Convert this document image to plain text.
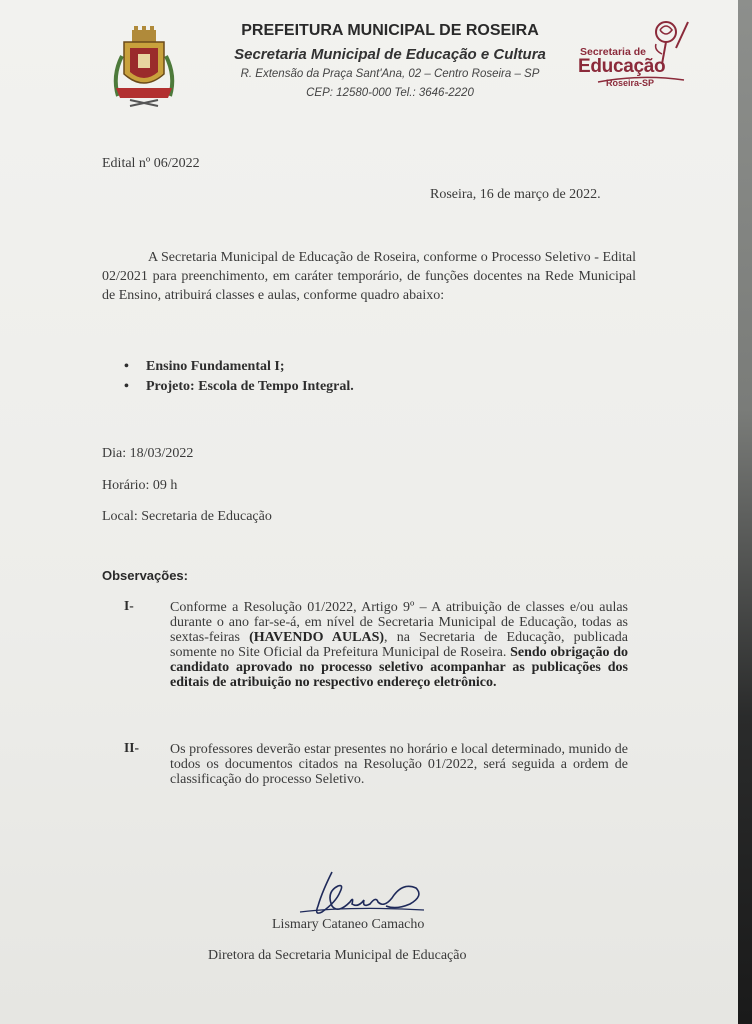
PREFEITURA MUNICIPAL DE ROSEIRA
Secretaria Municipal de Educação e Cultura
R. Extensão da Praça Sant'Ana, 02 – Centro Roseira – SP
CEP: 12580-000 Tel.: 3646-2220
Secretaria de
Educação
Roseira-SP
Edital nº 06/2022
Roseira, 16 de março de 2022.
A Secretaria Municipal de Educação de Roseira, conforme o Processo Seletivo - Edital 02/2021 para preenchimento, em caráter temporário, de funções docentes na Rede Municipal de Ensino, atribuirá classes e aulas, conforme quadro abaixo:
• Ensino Fundamental I;
• Projeto: Escola de Tempo Integral.
Dia: 18/03/2022
Horário: 09 h
Local: Secretaria de Educação
Observações:
I-	Conforme a Resolução 01/2022, Artigo 9º – A atribuição de classes e/ou aulas durante o ano far-se-á, em nível de Secretaria Municipal de Educação, todas as sextas-feiras (HAVENDO AULAS), na Secretaria de Educação, publicada somente no Site Oficial da Prefeitura Municipal de Roseira. Sendo obrigação do candidato aprovado no processo seletivo acompanhar as publicações dos editais de atribuição no respectivo endereço eletrônico.
II- Os professores deverão estar presentes no horário e local determinado, munido de todos os documentos citados na Resolução 01/2022, será seguida a ordem de classificação do processo Seletivo.
Lismary Cataneo Camacho
Diretora da Secretaria Municipal de Educação
